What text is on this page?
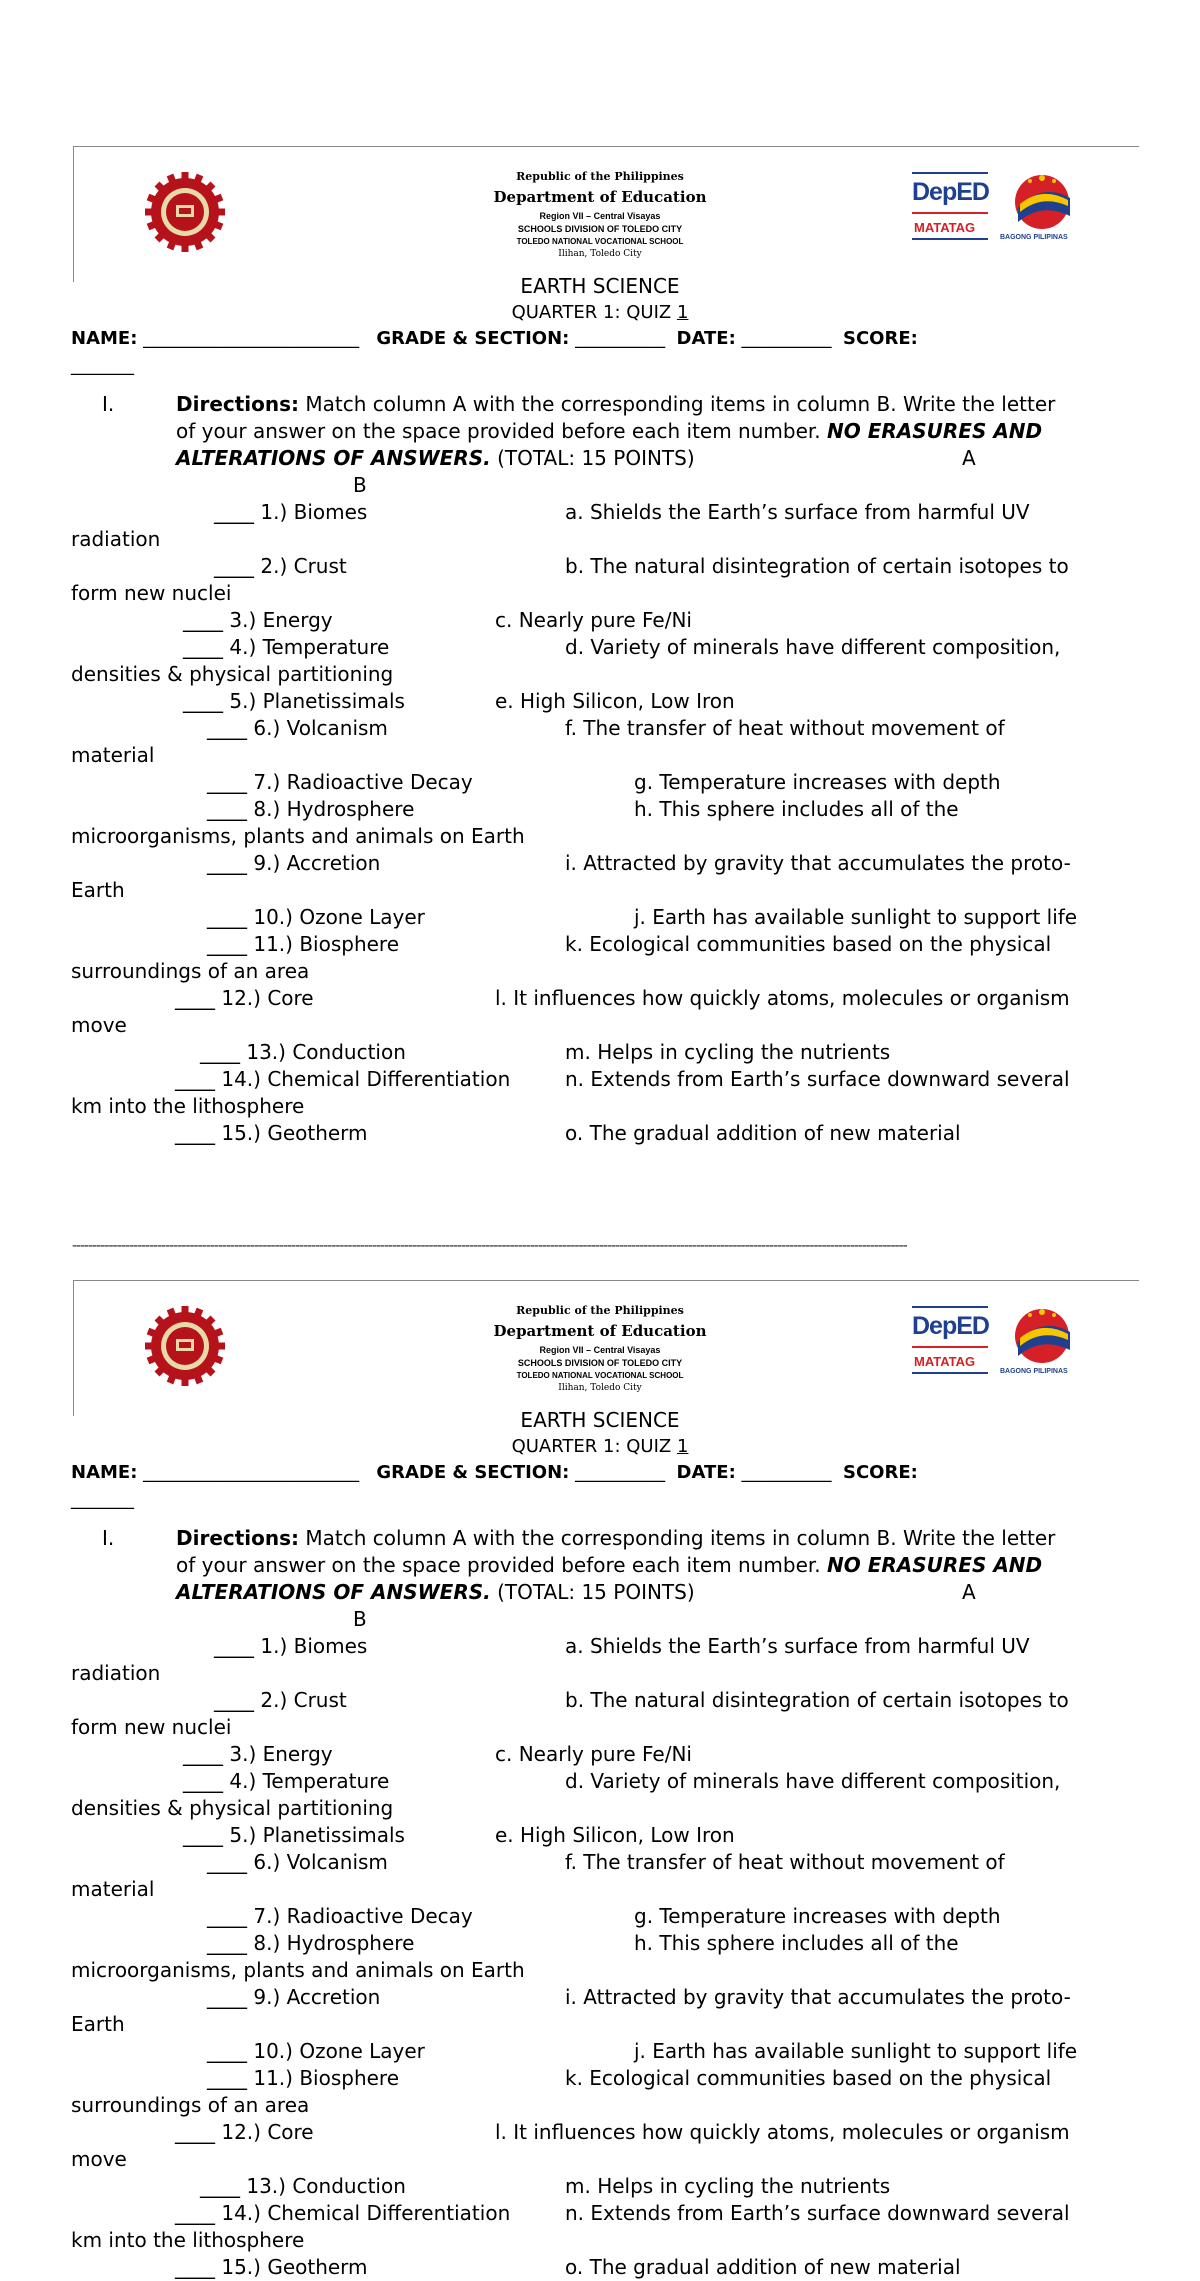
Republic of the Philippines
Department of Education
Region VII – Central Visayas
SCHOOLS DIVISION OF TOLEDO CITY
TOLEDO NATIONAL VOCATIONAL SCHOOL
Ilihan, Toledo City
DepED
MATATAG
BAGONG PILIPINAS
EARTH SCIENCE
QUARTER 1: QUIZ 1
NAME: ________________________ GRADE & SECTION: __________ DATE: __________ SCORE:
_______
I.	Directions: Match column A with the corresponding items in column B. Write the letter
of your answer on the space provided before each item number. NO ERASURES AND
ALTERATIONS OF ANSWERS. (TOTAL: 15 POINTS)	A
B
____ 1.) Biomes	a. Shields the Earth’s surface from harmful UV
radiation
____ 2.) Crust	b. The natural disintegration of certain isotopes to
form new nuclei
____ 3.) Energy	c. Nearly pure Fe/Ni
____ 4.) Temperature	d. Variety of minerals have different composition,
densities & physical partitioning
____ 5.) Planetissimals	e. High Silicon, Low Iron
____ 6.) Volcanism	f. The transfer of heat without movement of
material
____ 7.) Radioactive Decay	g. Temperature increases with depth
____ 8.) Hydrosphere	h. This sphere includes all of the
microorganisms, plants and animals on Earth
____ 9.) Accretion	i. Attracted by gravity that accumulates the proto-
Earth
____ 10.) Ozone Layer	j. Earth has available sunlight to support life
____ 11.) Biosphere	k. Ecological communities based on the physical
surroundings of an area
____ 12.) Core	l. It influences how quickly atoms, molecules or organism
move
____ 13.) Conduction	m. Helps in cycling the nutrients
____ 14.) Chemical Differentiation	n. Extends from Earth’s surface downward several
km into the lithosphere
____ 15.) Geotherm	o. The gradual addition of new material
--------------------------------------------------------------------------------------------------------------------------------------------------------------------------------------------------------------
Republic of the Philippines
Department of Education
Region VII – Central Visayas
SCHOOLS DIVISION OF TOLEDO CITY
TOLEDO NATIONAL VOCATIONAL SCHOOL
Ilihan, Toledo City
DepED
MATATAG
BAGONG PILIPINAS
EARTH SCIENCE
QUARTER 1: QUIZ 1
NAME: ________________________ GRADE & SECTION: __________ DATE: __________ SCORE:
_______
I.	Directions: Match column A with the corresponding items in column B. Write the letter
of your answer on the space provided before each item number. NO ERASURES AND
ALTERATIONS OF ANSWERS. (TOTAL: 15 POINTS)	A
B
____ 1.) Biomes	a. Shields the Earth’s surface from harmful UV
radiation
____ 2.) Crust	b. The natural disintegration of certain isotopes to
form new nuclei
____ 3.) Energy	c. Nearly pure Fe/Ni
____ 4.) Temperature	d. Variety of minerals have different composition,
densities & physical partitioning
____ 5.) Planetissimals	e. High Silicon, Low Iron
____ 6.) Volcanism	f. The transfer of heat without movement of
material
____ 7.) Radioactive Decay	g. Temperature increases with depth
____ 8.) Hydrosphere	h. This sphere includes all of the
microorganisms, plants and animals on Earth
____ 9.) Accretion	i. Attracted by gravity that accumulates the proto-
Earth
____ 10.) Ozone Layer	j. Earth has available sunlight to support life
____ 11.) Biosphere	k. Ecological communities based on the physical
surroundings of an area
____ 12.) Core	l. It influences how quickly atoms, molecules or organism
move
____ 13.) Conduction	m. Helps in cycling the nutrients
____ 14.) Chemical Differentiation	n. Extends from Earth’s surface downward several
km into the lithosphere
____ 15.) Geotherm	o. The gradual addition of new material
